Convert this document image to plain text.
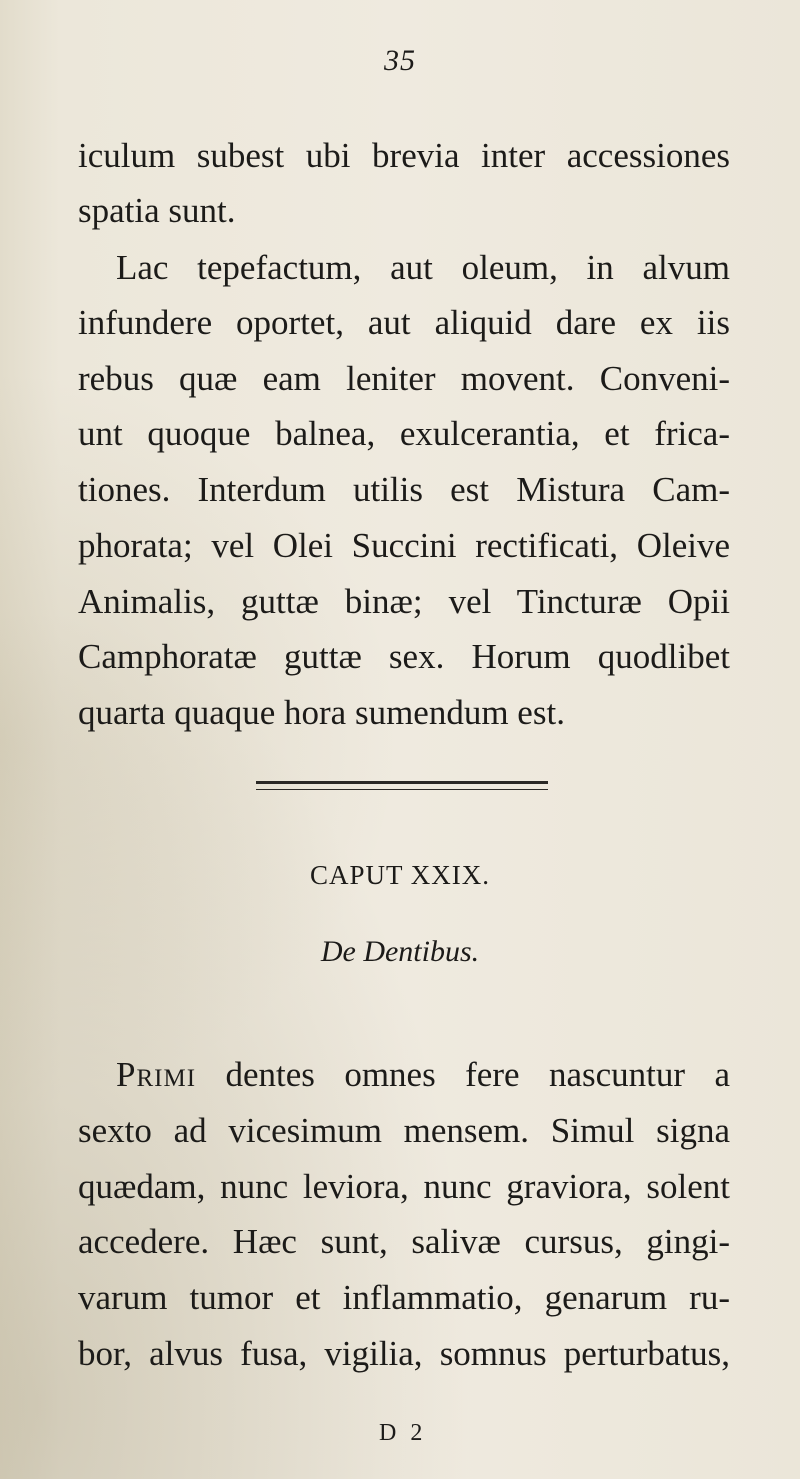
35
iculum subest ubi brevia inter accessiones
spatia sunt.
Lac tepefactum, aut oleum, in alvum
infundere oportet, aut aliquid dare ex iis
rebus quæ eam leniter movent. Conveni-
unt quoque balnea, exulcerantia, et frica-
tiones. Interdum utilis est Mistura Cam-
phorata; vel Olei Succini rectificati, Oleive
Animalis, guttæ binæ; vel Tincturæ Opii
Camphoratæ guttæ sex. Horum quodlibet
quarta quaque hora sumendum est.
CAPUT XXIX.
De Dentibus.
Primi dentes omnes fere nascuntur a
sexto ad vicesimum mensem. Simul signa
quædam, nunc leviora, nunc graviora, solent
accedere. Hæc sunt, salivæ cursus, gingi-
varum tumor et inflammatio, genarum ru-
bor, alvus fusa, vigilia, somnus perturbatus,
D 2
